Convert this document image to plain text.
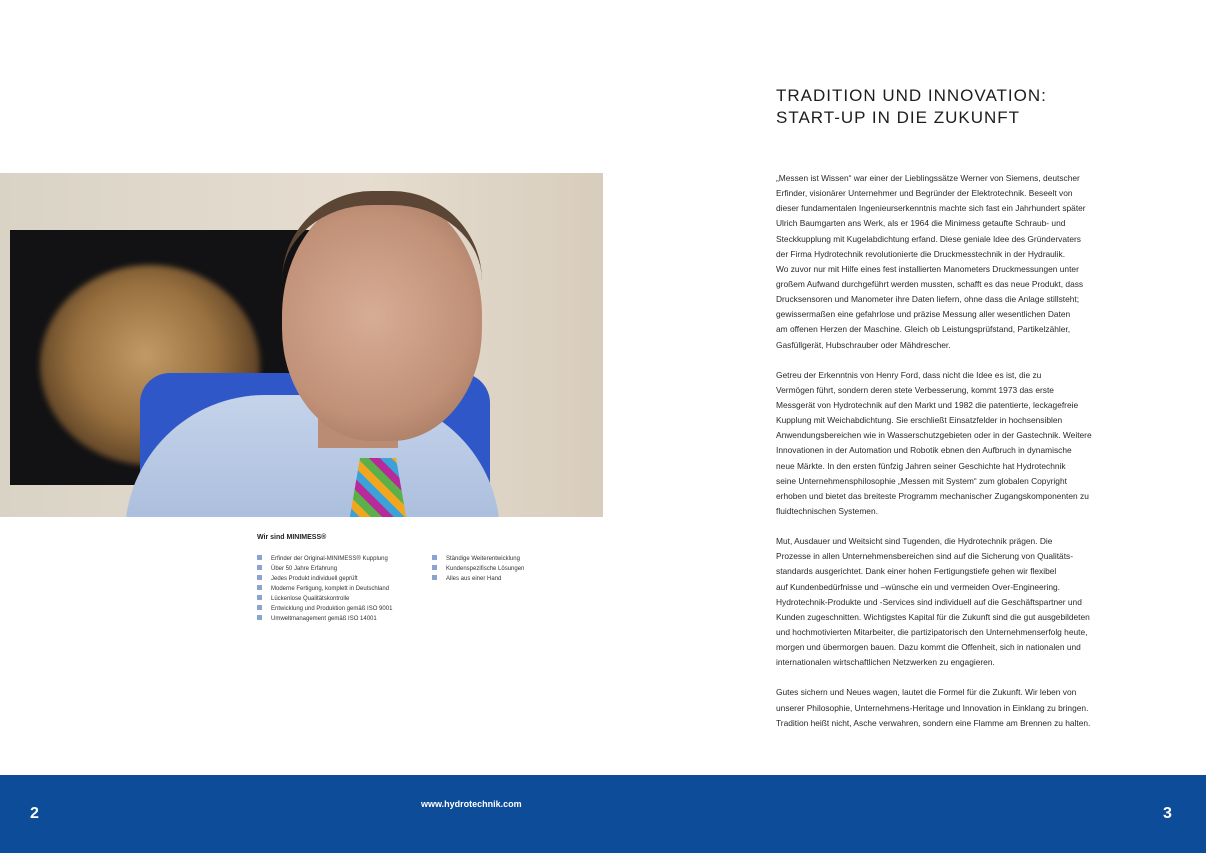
Wir sind MINIMESS®
Erfinder der Original-MINIMESS® Kupplung
Über 50 Jahre Erfahrung
Jedes Produkt individuell geprüft
Moderne Fertigung, komplett in Deutschland
Lückenlose Qualitätskontrolle
Entwicklung und Produktion gemäß ISO 9001
Umweltmanagement gemäß ISO 14001
Ständige Weiterentwicklung
Kundenspezifische Lösungen
Alles aus einer Hand
TRADITION UND INNOVATION:
START-UP IN DIE ZUKUNFT

„Messen ist Wissen“ war einer der Lieblingssätze Werner von Siemens, deutscher
Erfinder, visionärer Unternehmer und Begründer der Elektrotechnik. Beseelt von
dieser fundamentalen Ingenieurserkenntnis machte sich fast ein Jahrhundert später
Ulrich Baumgarten ans Werk, als er 1964 die Minimess getaufte Schraub- und
Steckkupplung mit Kugelabdichtung erfand. Diese geniale Idee des Gründervaters
der Firma Hydrotechnik revolutionierte die Druckmesstechnik in der Hydraulik.
Wo zuvor nur mit Hilfe eines fest installierten Manometers Druckmessungen unter
großem Aufwand durchgeführt werden mussten, schafft es das neue Produkt, dass
Drucksensoren und Manometer ihre Daten liefern, ohne dass die Anlage stillsteht;
gewissermaßen eine gefahrlose und präzise Messung aller wesentlichen Daten
am offenen Herzen der Maschine. Gleich ob Leistungsprüfstand, Partikelzähler,
Gasfüllgerät, Hubschrauber oder Mähdrescher.

Getreu der Erkenntnis von Henry Ford, dass nicht die Idee es ist, die zu
Vermögen führt, sondern deren stete Verbesserung, kommt 1973 das erste
Messgerät von Hydrotechnik auf den Markt und 1982 die patentierte, leckagefreie
Kupplung mit Weichabdichtung. Sie erschließt Einsatzfelder in hochsensiblen
Anwendungsbereichen wie in Wasserschutzgebieten oder in der Gastechnik. Weitere
Innovationen in der Automation und Robotik ebnen den Aufbruch in dynamische
neue Märkte. In den ersten fünfzig Jahren seiner Geschichte hat Hydrotechnik
seine Unternehmensphilosophie „Messen mit System“ zum globalen Copyright
erhoben und bietet das breiteste Programm mechanischer Zugangskomponenten zu
fluidtechnischen Systemen.

Mut, Ausdauer und Weitsicht sind Tugenden, die Hydrotechnik prägen. Die
Prozesse in allen Unternehmensbereichen sind auf die Sicherung von Qualitäts-
standards ausgerichtet. Dank einer hohen Fertigungstiefe gehen wir flexibel
auf Kundenbedürfnisse und –wünsche ein und vermeiden Over-Engineering.
Hydrotechnik-Produkte und -Services sind individuell auf die Geschäftspartner und
Kunden zugeschnitten. Wichtigstes Kapital für die Zukunft sind die gut ausgebildeten
und hochmotivierten Mitarbeiter, die partizipatorisch den Unternehmenserfolg heute,
morgen und übermorgen bauen. Dazu kommt die Offenheit, sich in nationalen und
internationalen wirtschaftlichen Netzwerken zu engagieren.

Gutes sichern und Neues wagen, lautet die Formel für die Zukunft. Wir leben von
unserer Philosophie, Unternehmens-Heritage und Innovation in Einklang zu bringen.
Tradition heißt nicht, Asche verwahren, sondern eine Flamme am Brennen zu halten.

2
www.hydrotechnik.com
3
